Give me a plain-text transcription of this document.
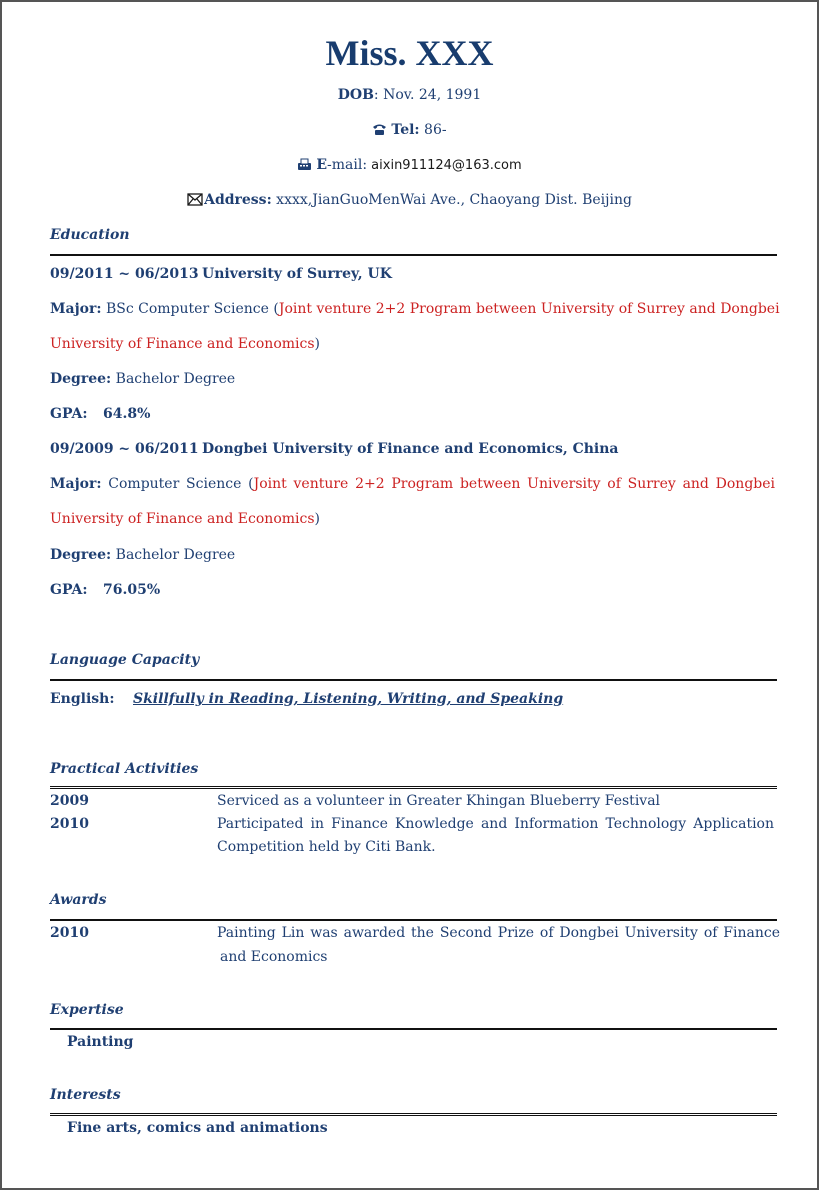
Miss. XXX
DOB: Nov. 24, 1991
Tel: 86-
E-mail: aixin911124@163.com
Address: xxxx,JianGuoMenWai Ave., Chaoyang Dist. Beijing
Education
09/2011 ~ 06/2013 University of Surrey, UK
Major: BSc Computer Science (Joint venture 2+2 Program between University of Surrey and Dongbei
University of Finance and Economics)
Degree: Bachelor Degree
GPA: 64.8%
09/2009 ~ 06/2011 Dongbei University of Finance and Economics, China
Major: Computer Science (Joint venture 2+2 Program between University of Surrey and Dongbei
University of Finance and Economics)
Degree: Bachelor Degree
GPA: 76.05%
Language Capacity
English: Skillfully in Reading, Listening, Writing, and Speaking
Practical Activities
2009	Serviced as a volunteer in Greater Khingan Blueberry Festival
2010	Participated in Finance Knowledge and Information Technology Application
Competition held by Citi Bank.
Awards
2010	Painting Lin was awarded the Second Prize of Dongbei University of Finance
and Economics
Expertise
Painting
Interests
Fine arts, comics and animations
